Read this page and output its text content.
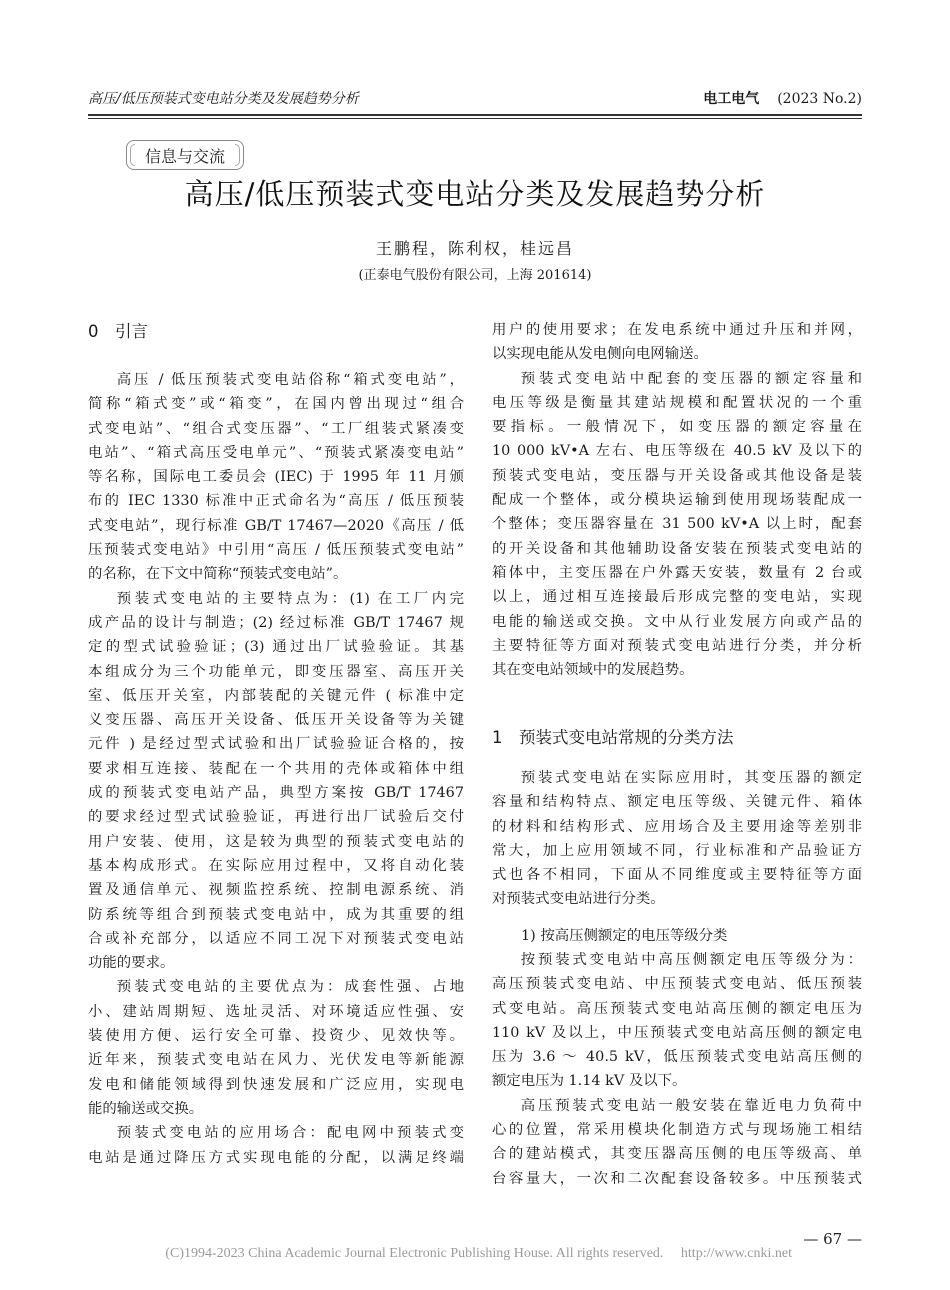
高压/低压预装式变电站分类及发展趋势分析	电工电气 (2023 No.2)
信息与交流
高压/低压预装式变电站分类及发展趋势分析
王鹏程，陈利权，桂远昌
(正泰电气股份有限公司，上海 201614)
0　引言
高压 / 低压预装式变电站俗称“箱式变电站”，
简称“箱式变”或“箱变”，在国内曾出现过“组合
式变电站”、“组合式变压器”、“工厂组装式紧凑变
电站”、“箱式高压受电单元”、“预装式紧凑变电站”
等名称，国际电工委员会 (IEC) 于 1995 年 11 月颁
布的 IEC 1330 标准中正式命名为“高压 / 低压预装
式变电站”，现行标准 GB/T 17467—2020《高压 / 低
压预装式变电站》中引用“高压 / 低压预装式变电站”
的名称，在下文中简称“预装式变电站”。
预装式变电站的主要特点为：(1) 在工厂内完
成产品的设计与制造；(2) 经过标准 GB/T 17467 规
定的型式试验验证；(3) 通过出厂试验验证。其基
本组成分为三个功能单元，即变压器室、高压开关
室、低压开关室，内部装配的关键元件 ( 标准中定
义变压器、高压开关设备、低压开关设备等为关键
元件 ) 是经过型式试验和出厂试验验证合格的，按
要求相互连接、装配在一个共用的壳体或箱体中组
成的预装式变电站产品，典型方案按 GB/T 17467
的要求经过型式试验验证，再进行出厂试验后交付
用户安装、使用，这是较为典型的预装式变电站的
基本构成形式。在实际应用过程中，又将自动化装
置及通信单元、视频监控系统、控制电源系统、消
防系统等组合到预装式变电站中，成为其重要的组
合或补充部分，以适应不同工况下对预装式变电站
功能的要求。
预装式变电站的主要优点为：成套性强、占地
小、建站周期短、选址灵活、对环境适应性强、安
装使用方便、运行安全可靠、投资少、见效快等。
近年来，预装式变电站在风力、光伏发电等新能源
发电和储能领域得到快速发展和广泛应用，实现电
能的输送或交换。
预装式变电站的应用场合：配电网中预装式变
电站是通过降压方式实现电能的分配，以满足终端
用户的使用要求；在发电系统中通过升压和并网，
以实现电能从发电侧向电网输送。
预装式变电站中配套的变压器的额定容量和
电压等级是衡量其建站规模和配置状况的一个重
要指标。一般情况下，如变压器的额定容量在
10 000 kV•A 左右、电压等级在 40.5 kV 及以下的
预装式变电站，变压器与开关设备或其他设备是装
配成一个整体，或分模块运输到使用现场装配成一
个整体；变压器容量在 31 500 kV•A 以上时，配套
的开关设备和其他辅助设备安装在预装式变电站的
箱体中，主变压器在户外露天安装，数量有 2 台或
以上，通过相互连接最后形成完整的变电站，实现
电能的输送或交换。文中从行业发展方向或产品的
主要特征等方面对预装式变电站进行分类，并分析
其在变电站领域中的发展趋势。
1　预装式变电站常规的分类方法
预装式变电站在实际应用时，其变压器的额定
容量和结构特点、额定电压等级、关键元件、箱体
的材料和结构形式、应用场合及主要用途等差别非
常大，加上应用领域不同，行业标准和产品验证方
式也各不相同，下面从不同维度或主要特征等方面
对预装式变电站进行分类。
1) 按高压侧额定的电压等级分类
按预装式变电站中高压侧额定电压等级分为：
高压预装式变电站、中压预装式变电站、低压预装
式变电站。高压预装式变电站高压侧的额定电压为
110 kV 及以上，中压预装式变电站高压侧的额定电
压为 3.6 ～ 40.5 kV，低压预装式变电站高压侧的
额定电压为 1.14 kV 及以下。
高压预装式变电站一般安装在靠近电力负荷中
心的位置，常采用模块化制造方式与现场施工相结
合的建站模式，其变压器高压侧的电压等级高、单
台容量大，一次和二次配套设备较多。中压预装式
— 67 —
(C)1994-2023 China Academic Journal Electronic Publishing House. All rights reserved.　 http://www.cnki.net
